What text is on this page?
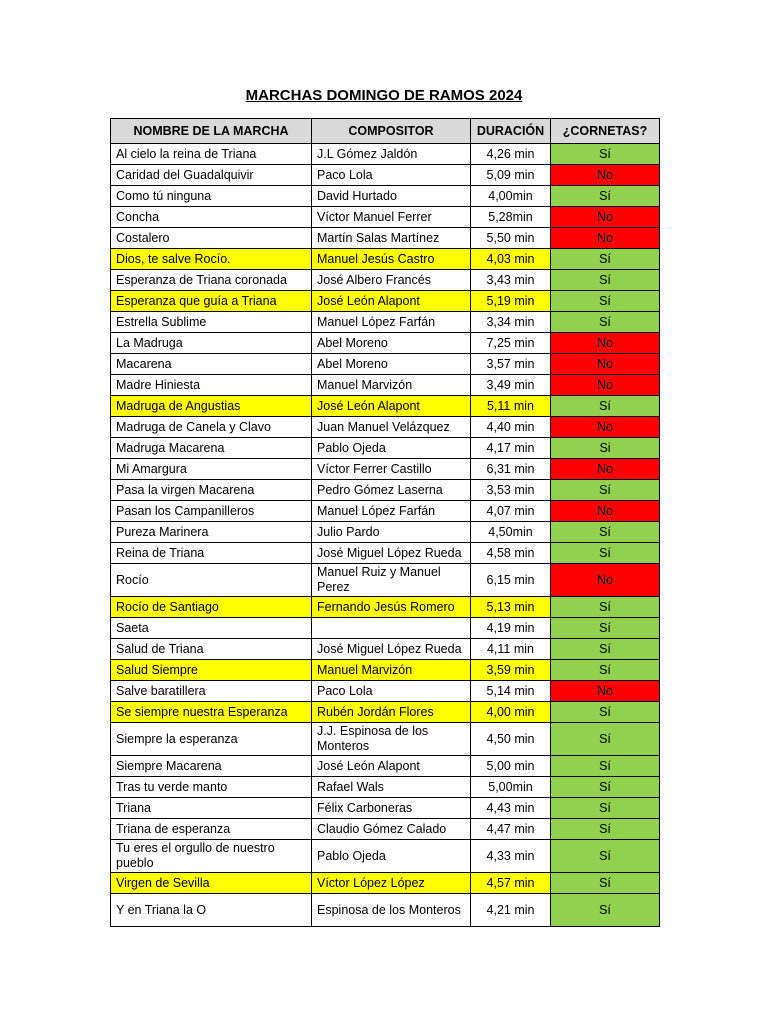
MARCHAS DOMINGO DE RAMOS 2024
NOMBRE DE LA MARCHA	COMPOSITOR	DURACIÓN	¿CORNETAS?
Al cielo la reina de Triana	J.L Gómez Jaldón	4,26 min	Sí
Caridad del Guadalquivir	Paco Lola	5,09 min	No
Como tú ninguna	David Hurtado	4,00min	Sí
Concha	Víctor Manuel Ferrer	5,28min	No
Costalero	Martín Salas Martínez	5,50 min	No
Dios, te salve Rocío.	Manuel Jesús Castro	4,03 min	Sí
Esperanza de Triana coronada	José Albero Francés	3,43 min	Sí
Esperanza que guía a Triana	José León Alapont	5,19 min	Sí
Estrella Sublime	Manuel López Farfán	3,34 min	Sí
La Madruga	Abel Moreno	7,25 min	No
Macarena	Abel Moreno	3,57 min	No
Madre Hiniesta	Manuel Marvizón	3,49 min	No
Madruga de Angustias	José León Alapont	5,11 min	Sí
Madruga de Canela y Clavo	Juan Manuel Velázquez	4,40 min	No
Madruga Macarena	Pablo Ojeda	4,17 min	Si
Mi Amargura	Víctor Ferrer Castillo	6,31 min	No
Pasa la virgen Macarena	Pedro Gómez Laserna	3,53 min	Sí
Pasan los Campanilleros	Manuel López Farfán	4,07 min	No
Pureza Marinera	Julio Pardo	4,50min	Sí
Reina de Triana	José Miguel López Rueda	4,58 min	Sí
Rocío	Manuel Ruiz y Manuel Perez	6,15 min	No
Rocío de Santiago	Fernando Jesús Romero	5,13 min	Sí
Saeta		4,19 min	Sí
Salud de Triana	José Miguel López Rueda	4,11 min	Sí
Salud Siempre	Manuel Marvizón	3,59 min	Sí
Salve baratillera	Paco Lola	5,14 min	No
Se siempre nuestra Esperanza	Rubén Jordán Flores	4,00 min	Sí
Siempre la esperanza	J.J. Espinosa de los Monteros	4,50 min	Sí
Siempre Macarena	José León Alapont	5,00 min	Sí
Tras tu verde manto	Rafael Wals	5,00min	Sí
Triana	Félix Carboneras	4,43 min	Sí
Triana de esperanza	Claudio Gómez Calado	4,47 min	Sí
Tu eres el orgullo de nuestro pueblo	Pablo Ojeda	4,33 min	Sí
Virgen de Sevilla	Víctor López López	4,57 min	Sí
Y en Triana la O	Espinosa de los Monteros	4,21 min	Sí
